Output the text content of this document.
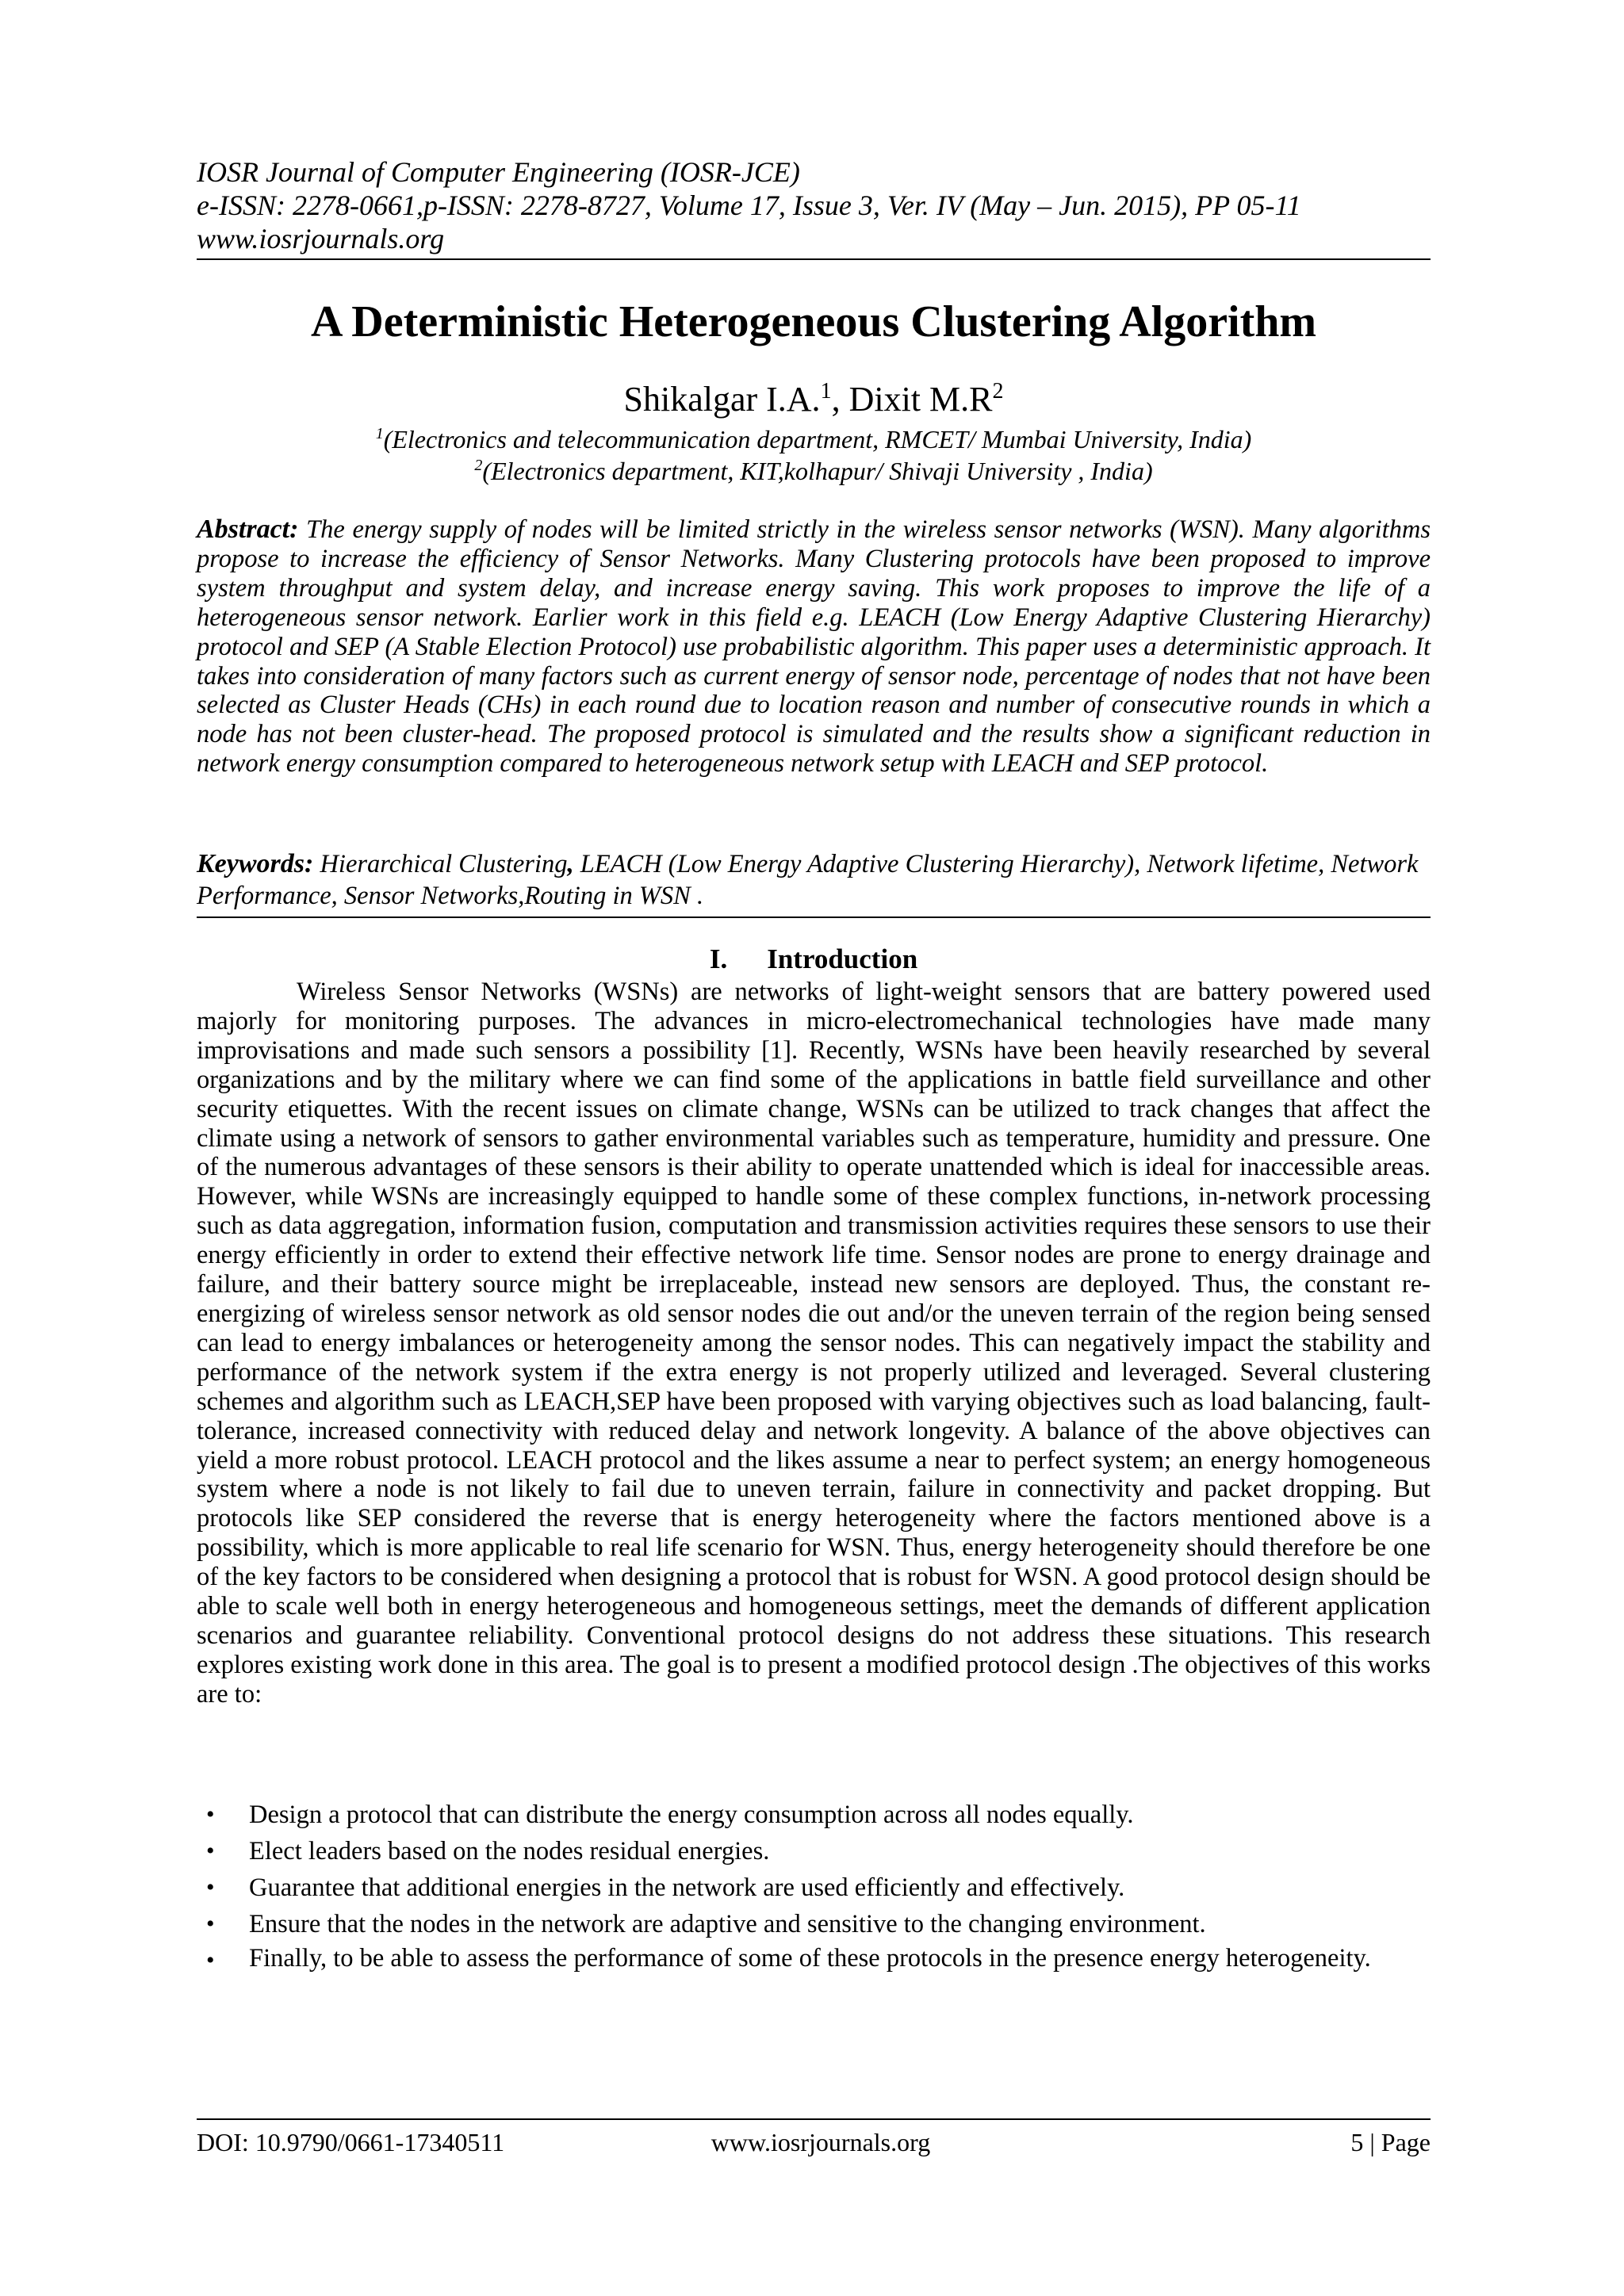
IOSR Journal of Computer Engineering (IOSR-JCE)
e-ISSN: 2278-0661,p-ISSN: 2278-8727, Volume 17, Issue 3, Ver. IV (May – Jun. 2015), PP 05-11
www.iosrjournals.org
A Deterministic Heterogeneous Clustering Algorithm
Shikalgar I.A.$^1$, Dixit $M.R^2$
$^1$(Electronics and telecommunication department, RMCET/ Mumbai University, India)
$^2$(Electronics department, KIT,kolhapur/ Shivaji University , India)

Abstract: The energy supply of nodes will be limited strictly in the wireless sensor networks (WSN). Many algorithms propose to increase the efficiency of Sensor Networks. Many Clustering protocols have been proposed to improve system throughput and system delay, and increase energy saving. This work proposes to improve the life of a heterogeneous sensor network. Earlier work in this field e.g. LEACH (Low Energy Adaptive Clustering Hierarchy) protocol and SEP (A Stable Election Protocol) use probabilistic algorithm. This paper uses a deterministic approach. It takes into consideration of many factors such as current energy of sensor node, percentage of nodes that not have been selected as Cluster Heads (CHs) in each round due to location reason and number of consecutive rounds in which a node has not been cluster-head. The proposed protocol is simulated and the results show a significant reduction in network energy consumption compared to heterogeneous network setup with LEACH and SEP protocol.

Keywords: Hierarchical Clustering, LEACH (Low Energy Adaptive Clustering Hierarchy), Network lifetime, Network Performance, Sensor Networks,Routing in WSN .

I. Introduction

Wireless Sensor Networks (WSNs) are networks of light-weight sensors that are battery powered used majorly for monitoring purposes. The advances in micro-electromechanical technologies have made many improvisations and made such sensors a possibility [1]. Recently, WSNs have been heavily researched by several organizations and by the military where we can find some of the applications in battle field surveillance and other security etiquettes. With the recent issues on climate change, WSNs can be utilized to track changes that affect the climate using a network of sensors to gather environmental variables such as temperature, humidity and pressure. One of the numerous advantages of these sensors is their ability to operate unattended which is ideal for inaccessible areas. However, while WSNs are increasingly equipped to handle some of these complex functions, in-network processing such as data aggregation, information fusion, computation and transmission activities requires these sensors to use their energy efficiently in order to extend their effective network life time. Sensor nodes are prone to energy drainage and failure, and their battery source might be irreplaceable, instead new sensors are deployed. Thus, the constant re-energizing of wireless sensor network as old sensor nodes die out and/or the uneven terrain of the region being sensed can lead to energy imbalances or heterogeneity among the sensor nodes. This can negatively impact the stability and performance of the network system if the extra energy is not properly utilized and leveraged. Several clustering schemes and algorithm such as LEACH,SEP have been proposed with varying objectives such as load balancing, fault- tolerance, increased connectivity with reduced delay and network longevity. A balance of the above objectives can yield a more robust protocol. LEACH protocol and the likes assume a near to perfect system; an energy homogeneous system where a node is not likely to fail due to uneven terrain, failure in connectivity and packet dropping. But protocols like SEP considered the reverse that is energy heterogeneity where the factors mentioned above is a possibility, which is more applicable to real life scenario for WSN. Thus, energy heterogeneity should therefore be one of the key factors to be considered when designing a protocol that is robust for WSN. A good protocol design should be able to scale well both in energy heterogeneous and homogeneous settings, meet the demands of different application scenarios and guarantee reliability. Conventional protocol designs do not address these situations. This research explores existing work done in this area. The goal is to present a modified protocol design .The objectives of this works are to:

• Design a protocol that can distribute the energy consumption across all nodes equally.
• Elect leaders based on the nodes residual energies.
• Guarantee that additional energies in the network are used efficiently and effectively.
• Ensure that the nodes in the network are adaptive and sensitive to the changing environment.
• Finally, to be able to assess the performance of some of these protocols in the presence energy heterogeneity.
DOI: 10.9790/0661-17340511	www.iosrjournals.org	5 | Page
